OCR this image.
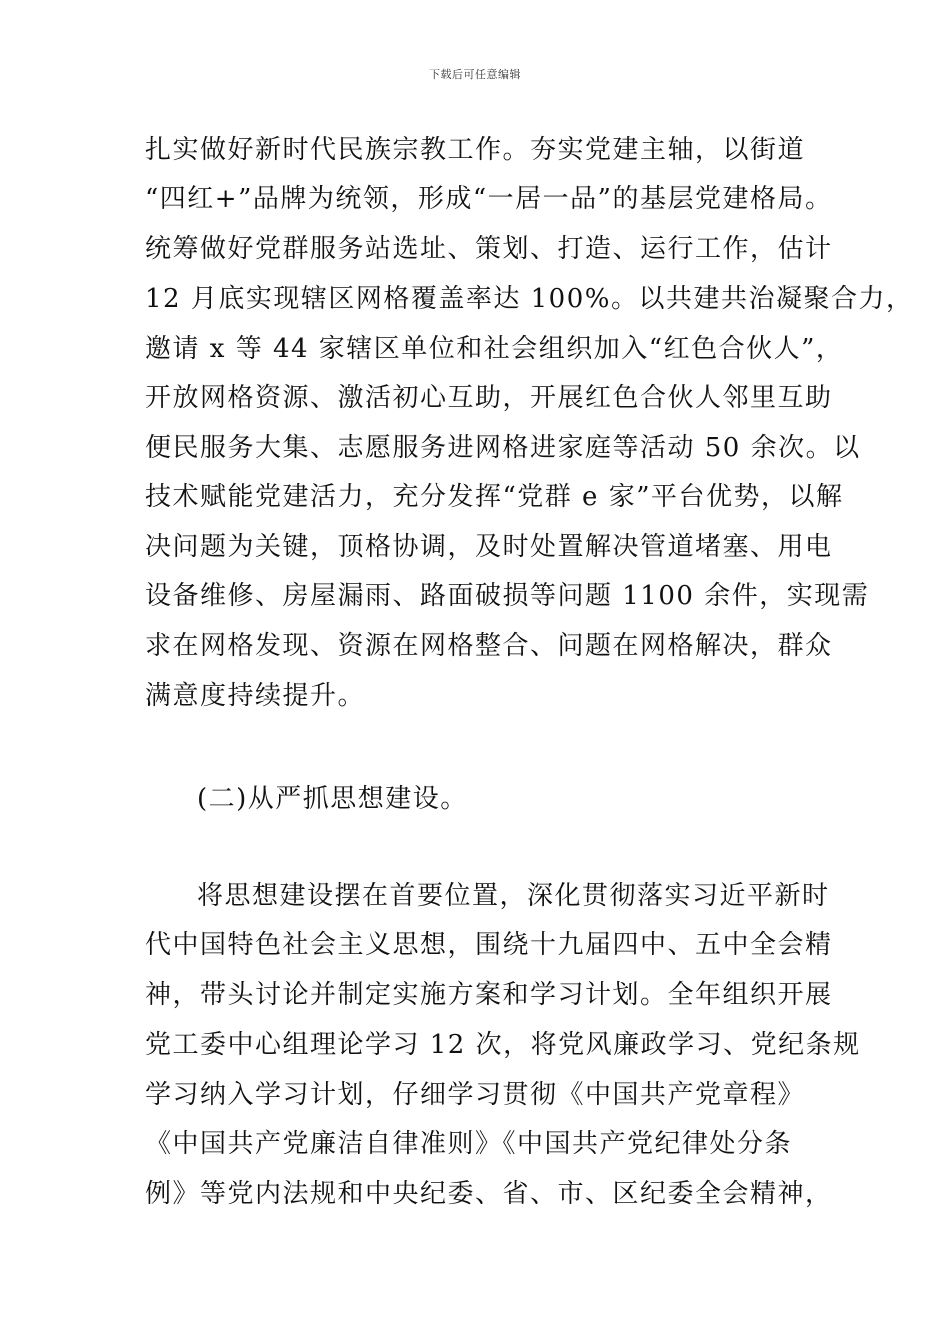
下载后可任意编辑
扎实做好新时代民族宗教工作。夯实党建主轴，以街道
“四红+”品牌为统领，形成“一居一品”的基层党建格局。
统筹做好党群服务站选址、策划、打造、运行工作，估计
12 月底实现辖区网格覆盖率达 100%。以共建共治凝聚合力，
邀请 x 等 44 家辖区单位和社会组织加入“红色合伙人”，
开放网格资源、激活初心互助，开展红色合伙人邻里互助
便民服务大集、志愿服务进网格进家庭等活动 50 余次。以
技术赋能党建活力，充分发挥“党群 e 家”平台优势，以解
决问题为关键，顶格协调，及时处置解决管道堵塞、用电
设备维修、房屋漏雨、路面破损等问题 1100 余件，实现需
求在网格发现、资源在网格整合、问题在网格解决，群众
满意度持续提升。
(二)从严抓思想建设。
将思想建设摆在首要位置，深化贯彻落实习近平新时
代中国特色社会主义思想，围绕十九届四中、五中全会精
神，带头讨论并制定实施方案和学习计划。全年组织开展
党工委中心组理论学习 12 次，将党风廉政学习、党纪条规
学习纳入学习计划，仔细学习贯彻《中国共产党章程》
《中国共产党廉洁自律准则》《中国共产党纪律处分条
例》等党内法规和中央纪委、省、市、区纪委全会精神，
